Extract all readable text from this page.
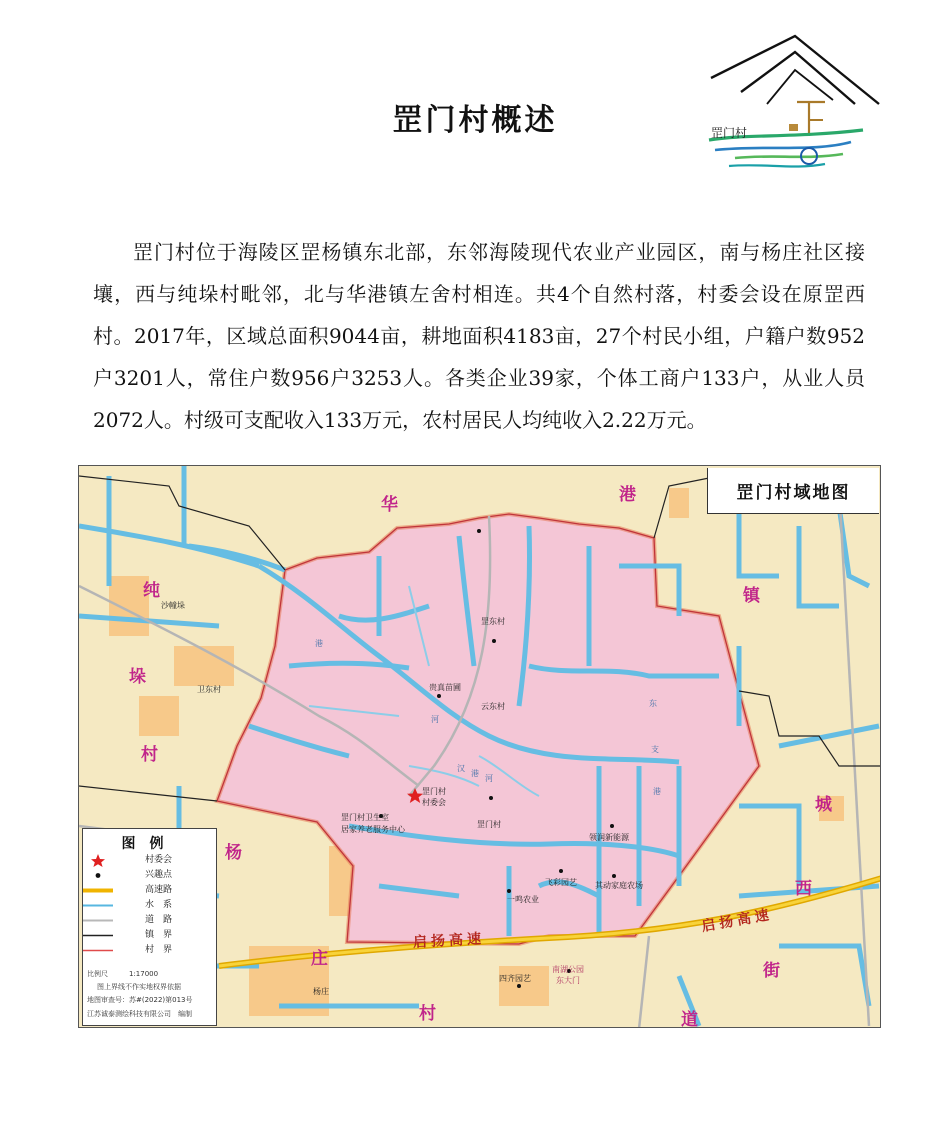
罡门村概述	罡门村

罡门村位于海陵区罡杨镇东北部，东邻海陵现代农业产业园区，南与杨庄社区接壤，西与纯垛村毗邻，北与华港镇左舍村相连。共4个自然村落，村委会设在原罡西村。2017年，区域总面积9044亩，耕地面积4183亩，27个村民小组，户籍户数952户3201人，常住户数956户3253人。各类企业39家，个体工商户133户，从业人员2072人。村级可支配收入133万元，农村居民人均纯收入2.22万元。

罡门村域地图
华	港
镇
纯
垛
村
杨
庄
村
城
西
街
道
沙幢垛
卫东村
罡东村
云东村
贵真苗圃
罡门村
村委会
罡门村卫生室
居家养老服务中心
罡门村
领润新能源
飞彩园艺 其动家庭农场
一鸣农业
四齐园艺
杨庄
南湖公园
东大门
港
河
汉
港
河
东
支
港
启扬高速
启扬高速
图例
村委会
兴趣点
高速路
水　系
道　路
镇　界
村　界
比例尺　　　1:17000
图上界线不作实地权界依据
地图审查号：苏#(2022)第013号
江苏诚泰测绘科技有限公司　编制
